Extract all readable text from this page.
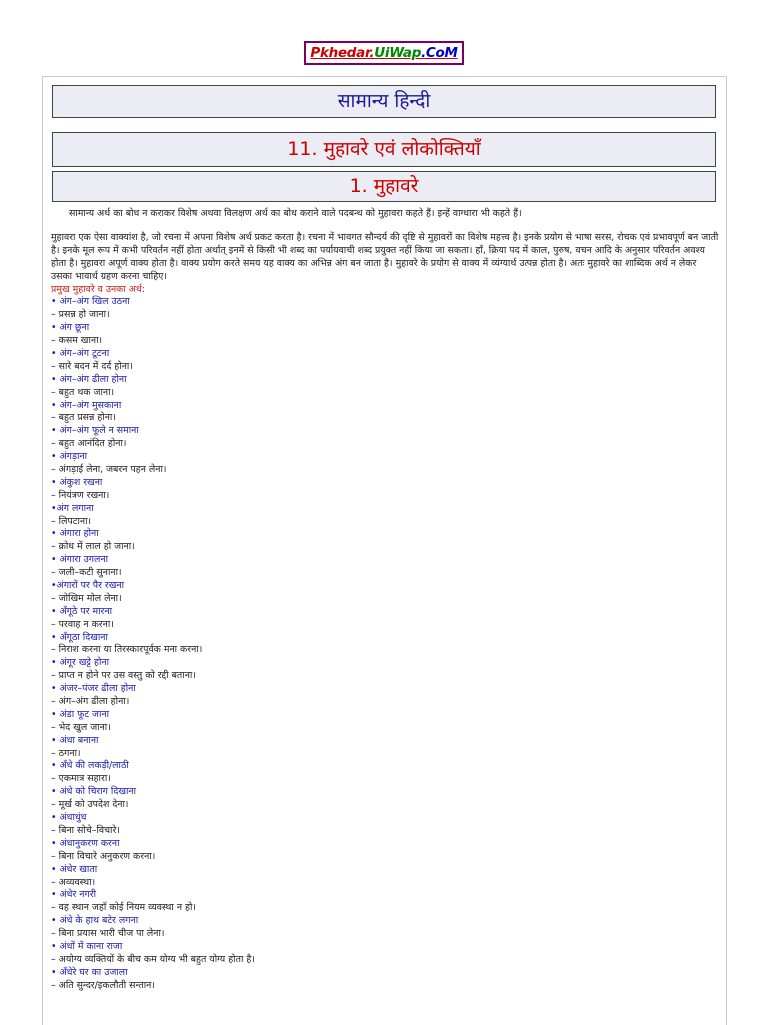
Pkhedar.UiWap.CoM
सामान्य हिन्दी
11. मुहावरे एवं लोकोक्तियाँ
1. मुहावरे

सामान्य अर्थ का बोध न कराकर विशेष अथवा विलक्षण अर्थ का बोध कराने वाले पदबन्ध को मुहावरा कहते हैं। इन्हें वाग्धारा भी कहते हैं।

मुहावरा एक ऐसा वाक्यांश है, जो रचना में अपना विशेष अर्थ प्रकट करता है। रचना में भावगत सौन्दर्य की दृष्टि से मुहावरों का विशेष महत्त्व है। इनके प्रयोग से भाषा सरस, रोचक एवं प्रभावपूर्ण बन जाती है। इनके मूल रूप में कभी परिवर्तन नहीं होता अर्थात् इनमें से किसी भी शब्द का पर्यायवाची शब्द प्रयुक्त नहीं किया जा सकता। हाँ, क्रिया पद में काल, पुरुष, वचन आदि के अनुसार परिवर्तन अवश्य होता है। मुहावरा अपूर्ण वाक्य होता है। वाक्य प्रयोग करते समय यह वाक्य का अभिन्न अंग बन जाता है। मुहावरे के प्रयोग से वाक्य में व्यंग्यार्थ उत्पन्न होता है। अतः मुहावरे का शाब्दिक अर्थ न लेकर उसका भावार्थ ग्रहण करना चाहिए।

प्रमुख मुहावरे व उनका अर्थ:
• अंग–अंग खिल उठना
– प्रसन्न हो जाना।
• अंग छूना
– कसम खाना।
• अंग–अंग टूटना
– सारे बदन में दर्द होना।
• अंग–अंग ढीला होना
– बहुत थक जाना।
• अंग–अंग मुसकाना
– बहुत प्रसन्न होना।
• अंग–अंग फूले न समाना
– बहुत आनंदित होना।
• अंगड़ाना
– अंगड़ाई लेना, जबरन पहन लेना।
• अंकुश रखना
– नियंत्रण रखना।
•अंग लगाना
– लिपटाना।
• अंगारा होना
– क्रोध में लाल हो जाना।
• अंगारा उगलना
– जली–कटी सुनाना।
•अंगारों पर पैर रखना
– जोखिम मोल लेना।
• अँगूठे पर मारना
– परवाह न करना।
• अँगूठा दिखाना
– निराश करना या तिरस्कारपूर्वक मना करना।
• अंगूर खट्टे होना
– प्राप्त न होने पर उस वस्तु को रद्दी बताना।
• अंजर–पंजर ढीला होना
– अंग–अंग ढीला होना।
• अंडा फूट जाना
– भेद खुल जाना।
• अंधा बनाना
– ठगना।
• अँधे की लकड़ी/लाठी
– एकमात्र सहारा।
• अंधे को चिराग दिखाना
– मूर्ख को उपदेश देना।
• अंधाधुंध
– बिना सोचे–विचारे।
• अंधानुकरण करना
– बिना विचारे अनुकरण करना।
• अंधेर खाता
– अव्यवस्था।
• अंधेर नगरी
– वह स्थान जहाँ कोई नियम व्यवस्था न हो।
• अंधे के हाथ बटेर लगना
– बिना प्रयास भारी चीज पा लेना।
• अंधों में काना राजा
– अयोग्य व्यक्तियों के बीच कम योग्य भी बहुत योग्य होता है।
• अँधेरे घर का उजाला
– अति सुन्दर/इकलौती सन्तान।
